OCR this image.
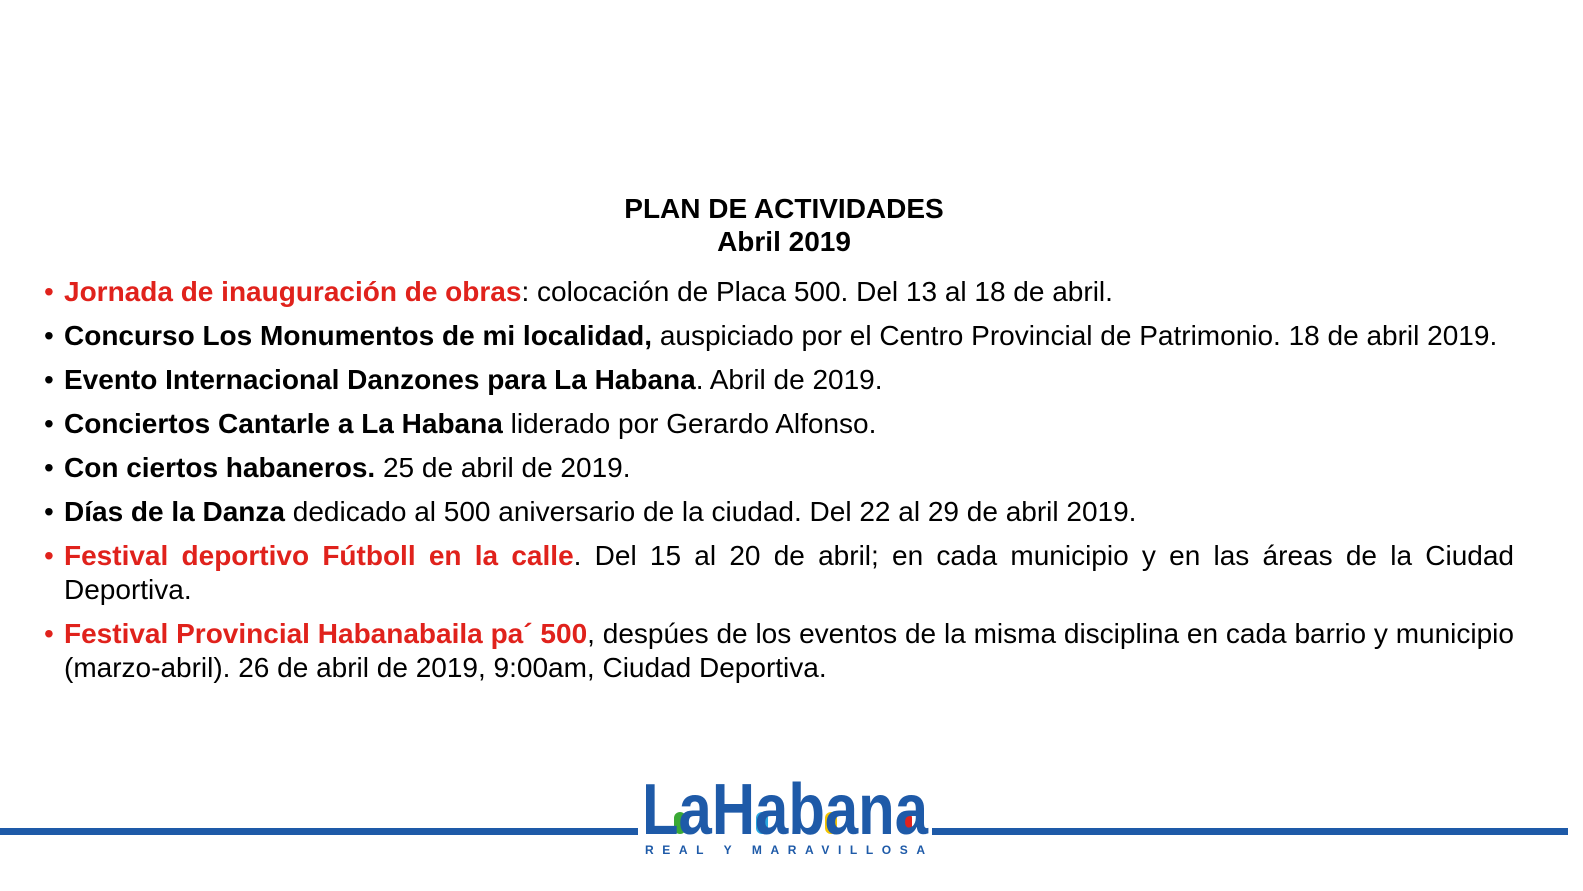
PLAN DE ACTIVIDADES
Abril 2019
• Jornada de inauguración de obras: colocación de Placa 500. Del 13 al 18 de abril.
• Concurso Los Monumentos de mi localidad, auspiciado por el Centro Provincial de Patrimonio. 18 de abril 2019.
• Evento Internacional Danzones para La Habana. Abril de 2019.
• Conciertos Cantarle a La Habana liderado por Gerardo Alfonso.
• Con ciertos habaneros. 25 de abril de 2019.
• Días de la Danza dedicado al 500 aniversario de la ciudad. Del 22 al 29 de abril 2019.
• Festival deportivo Fútboll en la calle. Del 15 al 20 de abril; en cada municipio y en las áreas de la Ciudad Deportiva.
• Festival Provincial Habanabaila pa´ 500, despúes de los eventos de la misma disciplina en cada barrio y municipio (marzo-abril). 26 de abril de 2019, 9:00am, Ciudad Deportiva.
LaHabana
REAL Y MARAVILLOSA
